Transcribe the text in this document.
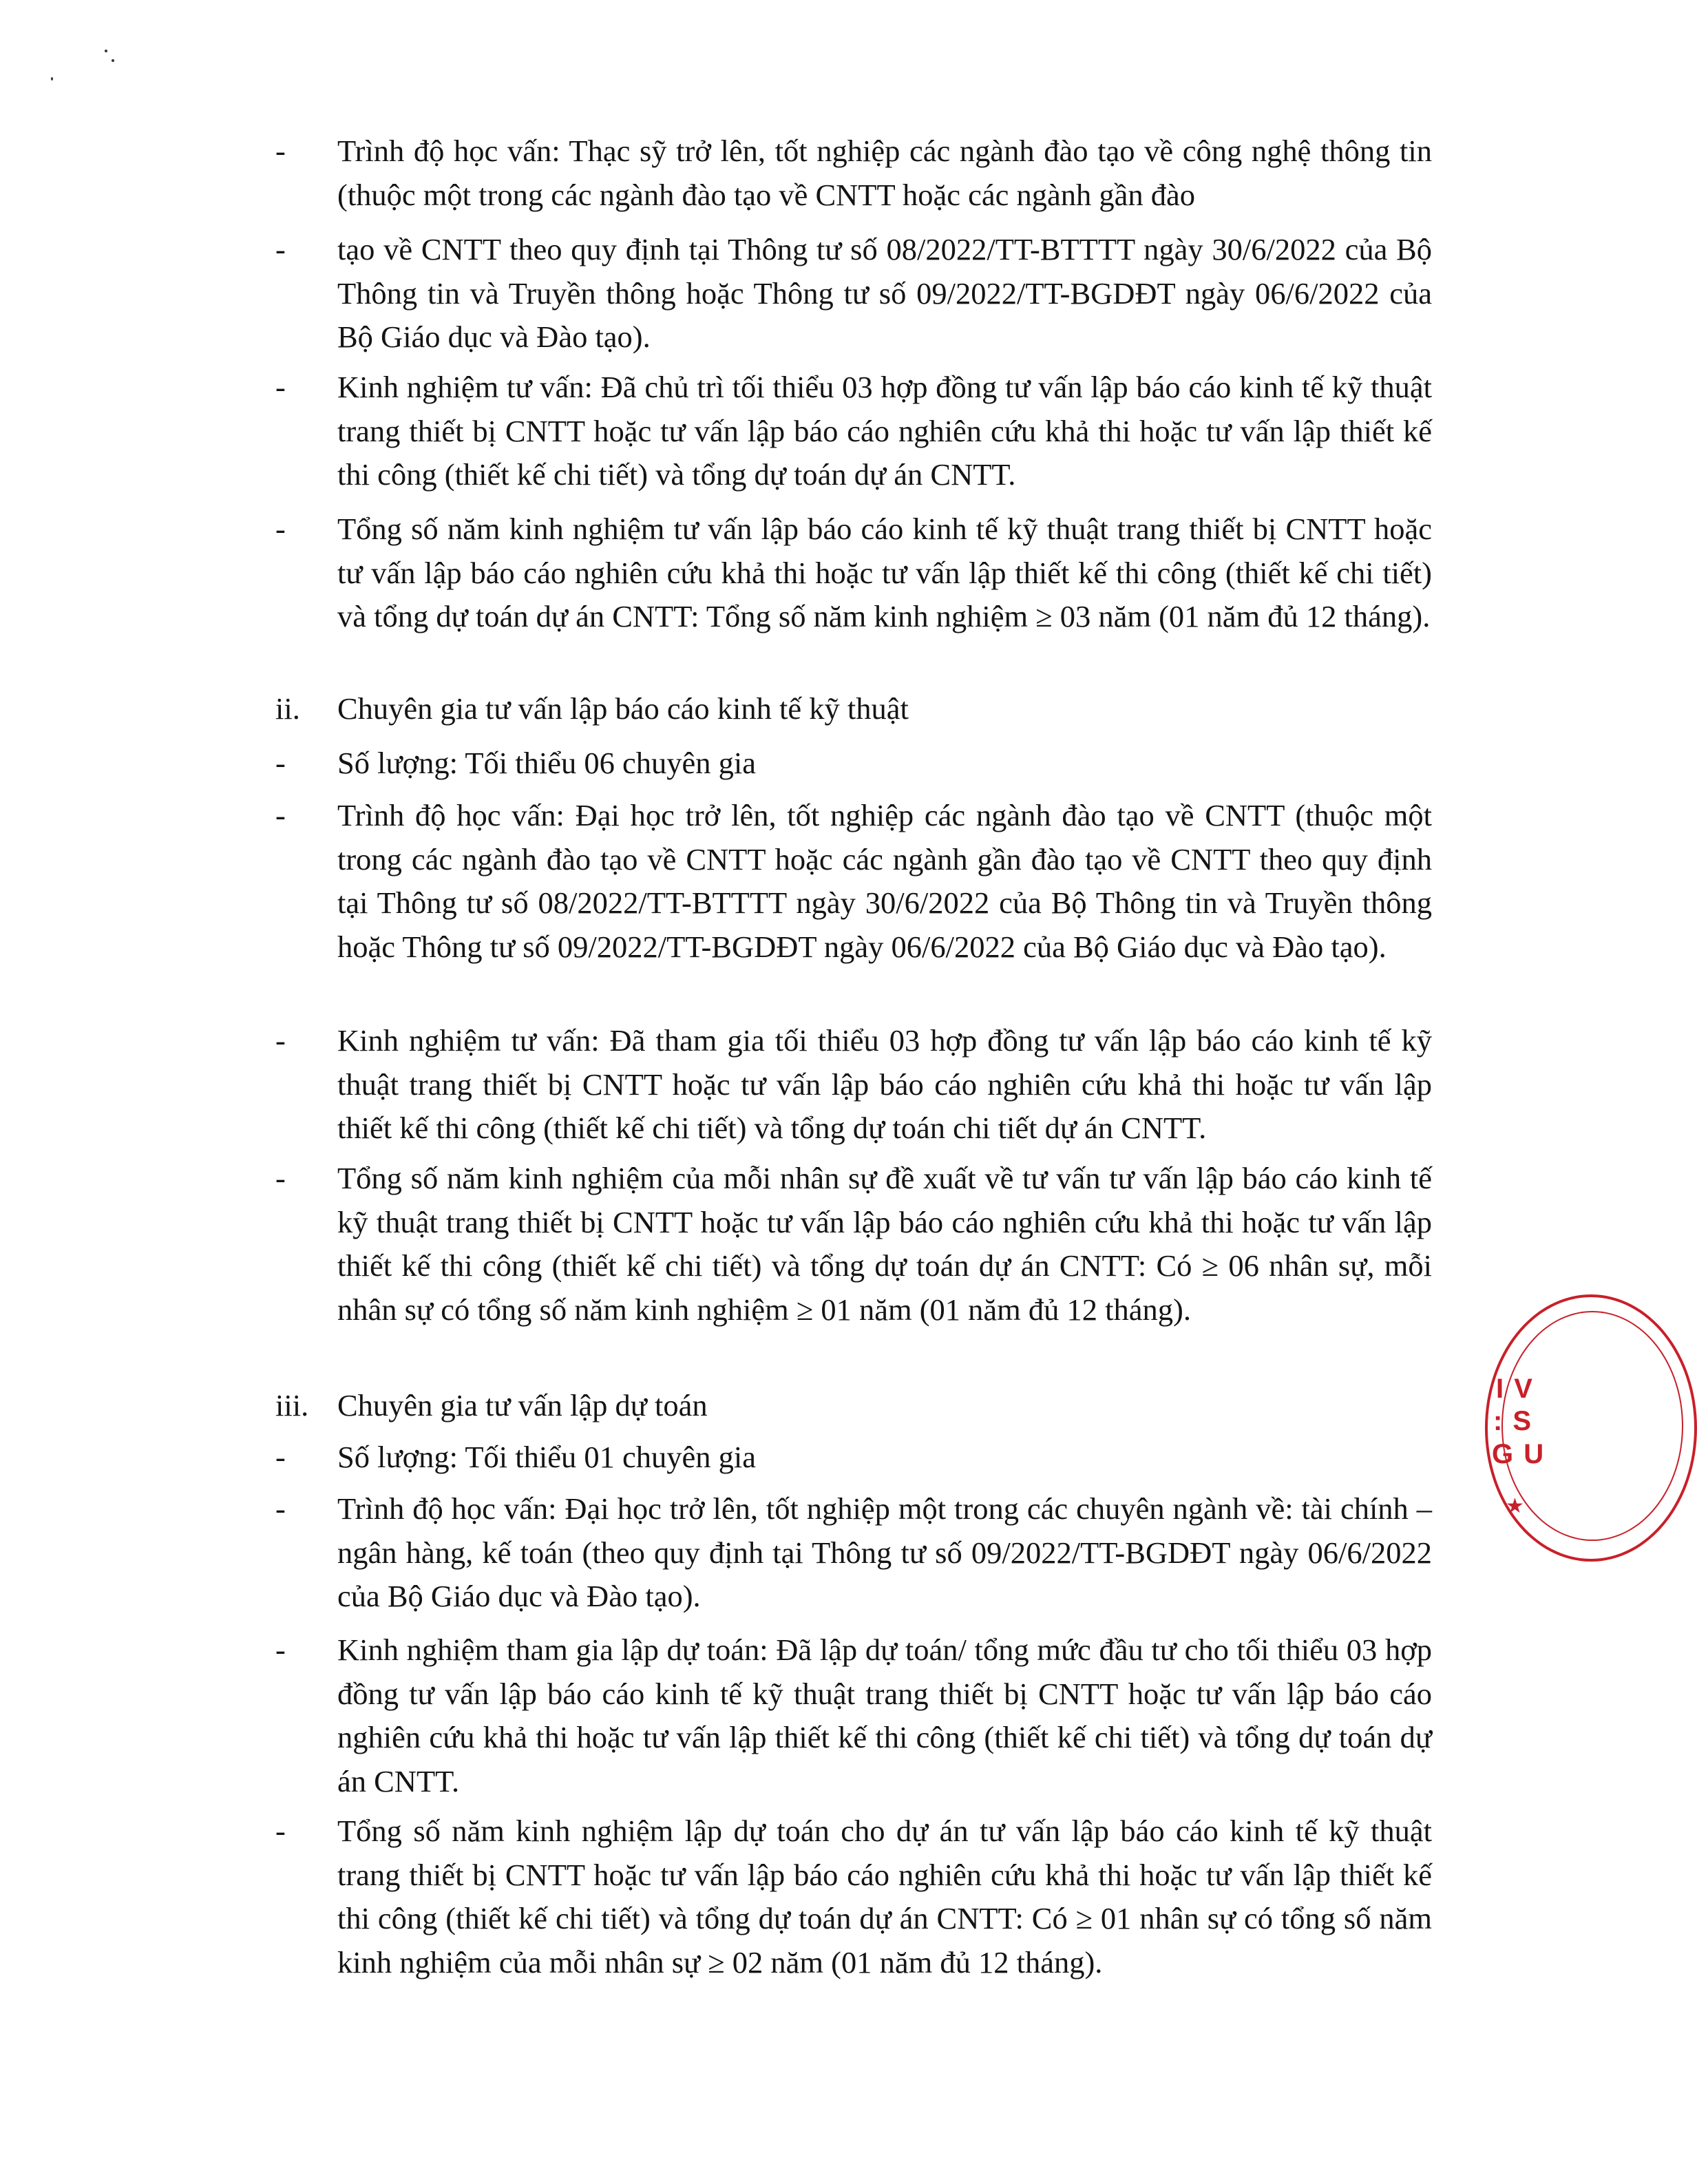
-	Trình độ học vấn: Thạc sỹ trở lên, tốt nghiệp các ngành đào tạo về công nghệ thông tin (thuộc một trong các ngành đào tạo về CNTT hoặc các ngành gần đào
-	tạo về CNTT theo quy định tại Thông tư số 08/2022/TT-BTTTT ngày 30/6/2022 của Bộ Thông tin và Truyền thông hoặc Thông tư số 09/2022/TT-BGDĐT ngày 06/6/2022 của Bộ Giáo dục và Đào tạo).
-	Kinh nghiệm tư vấn: Đã chủ trì tối thiểu 03 hợp đồng tư vấn lập báo cáo kinh tế kỹ thuật trang thiết bị CNTT hoặc tư vấn lập báo cáo nghiên cứu khả thi hoặc tư vấn lập thiết kế thi công (thiết kế chi tiết) và tổng dự toán dự án CNTT.
-	Tổng số năm kinh nghiệm tư vấn lập báo cáo kinh tế kỹ thuật trang thiết bị CNTT hoặc tư vấn lập báo cáo nghiên cứu khả thi hoặc tư vấn lập thiết kế thi công (thiết kế chi tiết) và tổng dự toán dự án CNTT: Tổng số năm kinh nghiệm ≥ 03 năm (01 năm đủ 12 tháng).
ii.	Chuyên gia tư vấn lập báo cáo kinh tế kỹ thuật
-	Số lượng: Tối thiểu 06 chuyên gia
-	Trình độ học vấn: Đại học trở lên, tốt nghiệp các ngành đào tạo về CNTT (thuộc một trong các ngành đào tạo về CNTT hoặc các ngành gần đào tạo về CNTT theo quy định tại Thông tư số 08/2022/TT-BTTTT ngày 30/6/2022 của Bộ Thông tin và Truyền thông hoặc Thông tư số 09/2022/TT-BGDĐT ngày 06/6/2022 của Bộ Giáo dục và Đào tạo).
-	Kinh nghiệm tư vấn: Đã tham gia tối thiểu 03 hợp đồng tư vấn lập báo cáo kinh tế kỹ thuật trang thiết bị CNTT hoặc tư vấn lập báo cáo nghiên cứu khả thi hoặc tư vấn lập thiết kế thi công (thiết kế chi tiết) và tổng dự toán chi tiết dự án CNTT.
-	Tổng số năm kinh nghiệm của mỗi nhân sự đề xuất về tư vấn tư vấn lập báo cáo kinh tế kỹ thuật trang thiết bị CNTT hoặc tư vấn lập báo cáo nghiên cứu khả thi hoặc tư vấn lập thiết kế thi công (thiết kế chi tiết) và tổng dự toán dự án CNTT: Có ≥ 06 nhân sự, mỗi nhân sự có tổng số năm kinh nghiệm ≥ 01 năm (01 năm đủ 12 tháng).
iii. Chuyên gia tư vấn lập dự toán
-	Số lượng: Tối thiểu 01 chuyên gia
-	Trình độ học vấn: Đại học trở lên, tốt nghiệp một trong các chuyên ngành về: tài chính – ngân hàng, kế toán (theo quy định tại Thông tư số 09/2022/TT-BGDĐT ngày 06/6/2022 của Bộ Giáo dục và Đào tạo).
-	Kinh nghiệm tham gia lập dự toán: Đã lập dự toán/ tổng mức đầu tư cho tối thiểu 03 hợp đồng tư vấn lập báo cáo kinh tế kỹ thuật trang thiết bị CNTT hoặc tư vấn lập báo cáo nghiên cứu khả thi hoặc tư vấn lập thiết kế thi công (thiết kế chi tiết) và tổng dự toán dự án CNTT.
-	Tổng số năm kinh nghiệm lập dự toán cho dự án tư vấn lập báo cáo kinh tế kỹ thuật trang thiết bị CNTT hoặc tư vấn lập báo cáo nghiên cứu khả thi hoặc tư vấn lập thiết kế thi công (thiết kế chi tiết) và tổng dự toán dự án CNTT: Có ≥ 01 nhân sự có tổng số năm kinh nghiệm của mỗi nhân sự ≥ 02 năm (01 năm đủ 12 tháng).
I V
: S
G U
★
